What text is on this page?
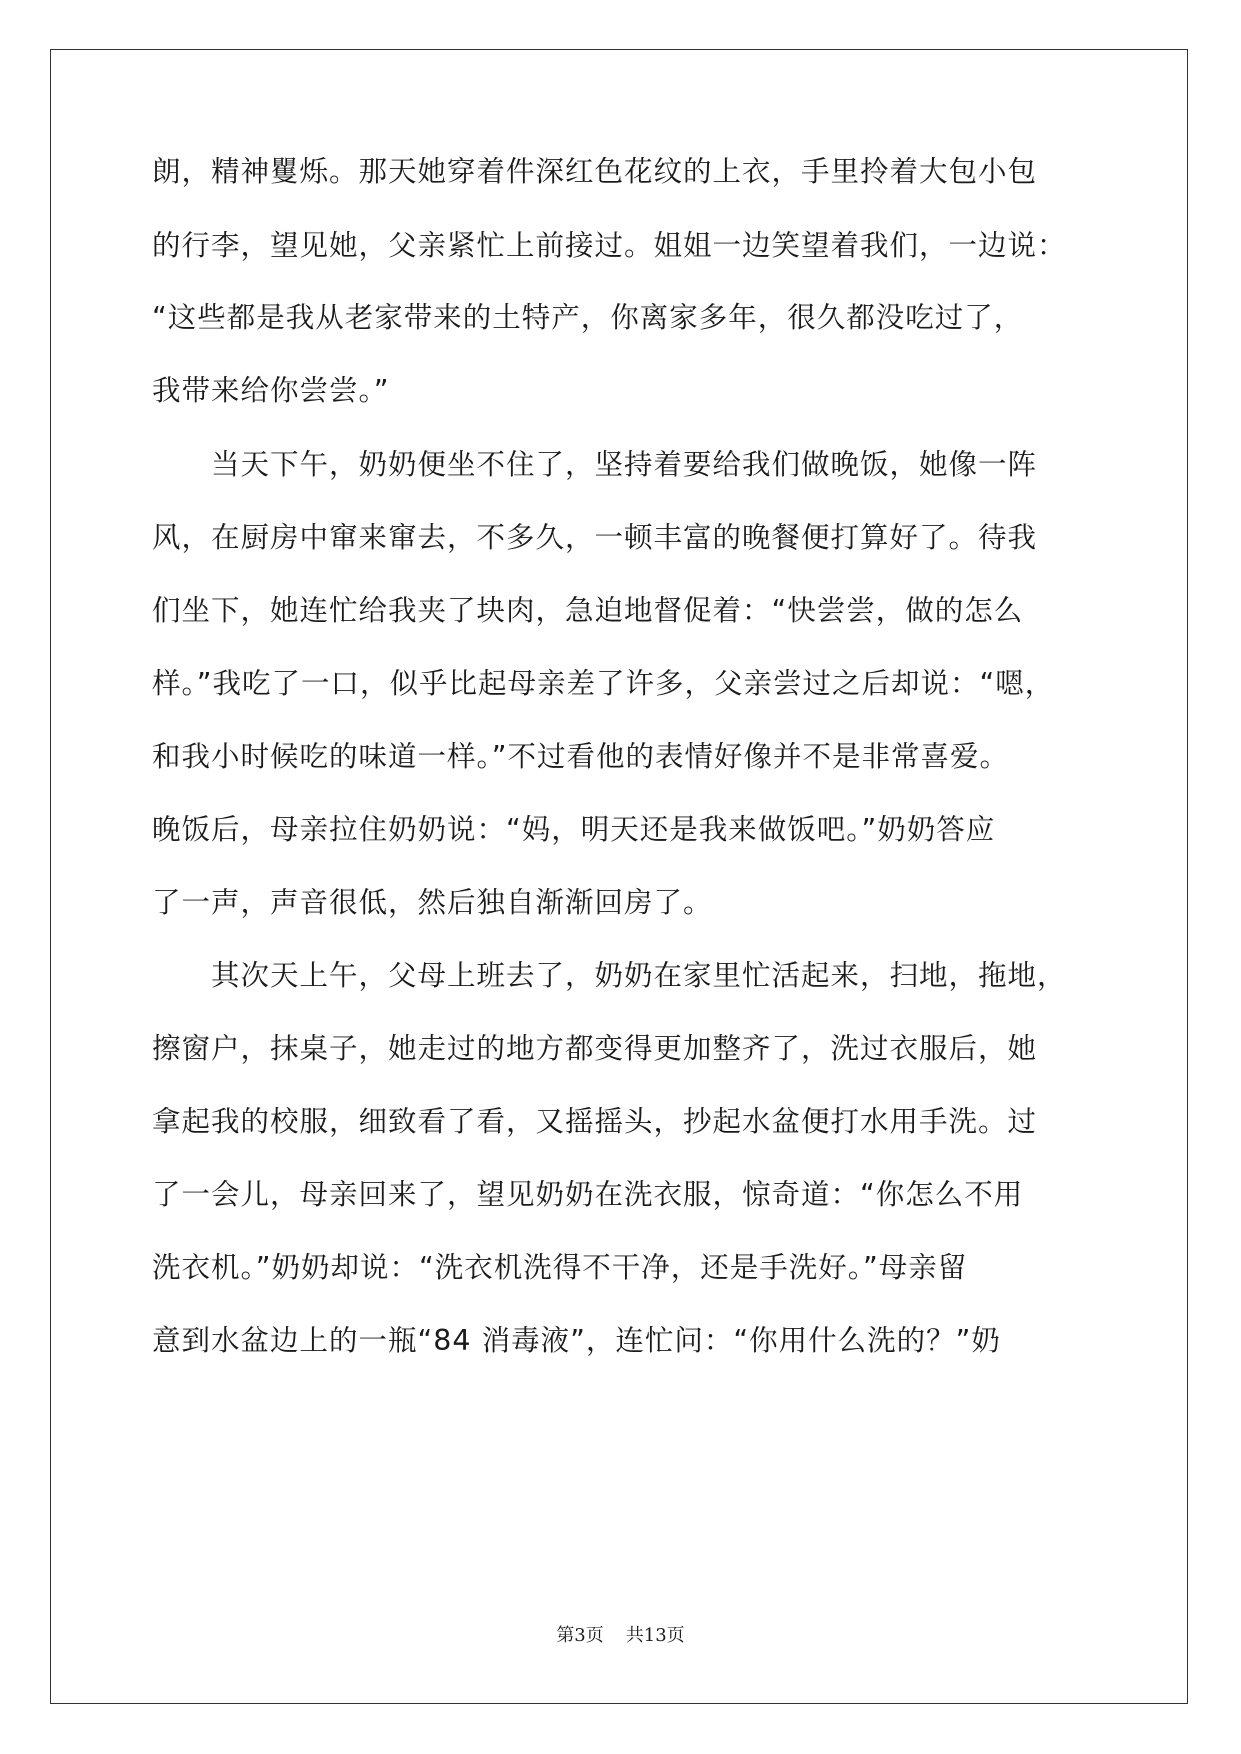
朗，精神矍烁。那天她穿着件深红色花纹的上衣，手里拎着大包小包
的行李，望见她，父亲紧忙上前接过。姐姐一边笑望着我们，一边说：
“这些都是我从老家带来的土特产，你离家多年，很久都没吃过了，
我带来给你尝尝。”
　　当天下午，奶奶便坐不住了，坚持着要给我们做晚饭，她像一阵
风，在厨房中窜来窜去，不多久，一顿丰富的晚餐便打算好了。待我
们坐下，她连忙给我夹了块肉，急迫地督促着：“快尝尝，做的怎么
样。”我吃了一口，似乎比起母亲差了许多，父亲尝过之后却说：“嗯，
和我小时候吃的味道一样。”不过看他的表情好像并不是非常喜爱。
晚饭后，母亲拉住奶奶说：“妈，明天还是我来做饭吧。”奶奶答应
了一声，声音很低，然后独自渐渐回房了。
　　其次天上午，父母上班去了，奶奶在家里忙活起来，扫地，拖地，
擦窗户，抹桌子，她走过的地方都变得更加整齐了，洗过衣服后，她
拿起我的校服，细致看了看，又摇摇头，抄起水盆便打水用手洗。过
了一会儿，母亲回来了，望见奶奶在洗衣服，惊奇道：“你怎么不用
洗衣机。”奶奶却说：“洗衣机洗得不干净，还是手洗好。”母亲留
意到水盆边上的一瓶“84 消毒液”，连忙问：“你用什么洗的？”奶
第3页 共13页
